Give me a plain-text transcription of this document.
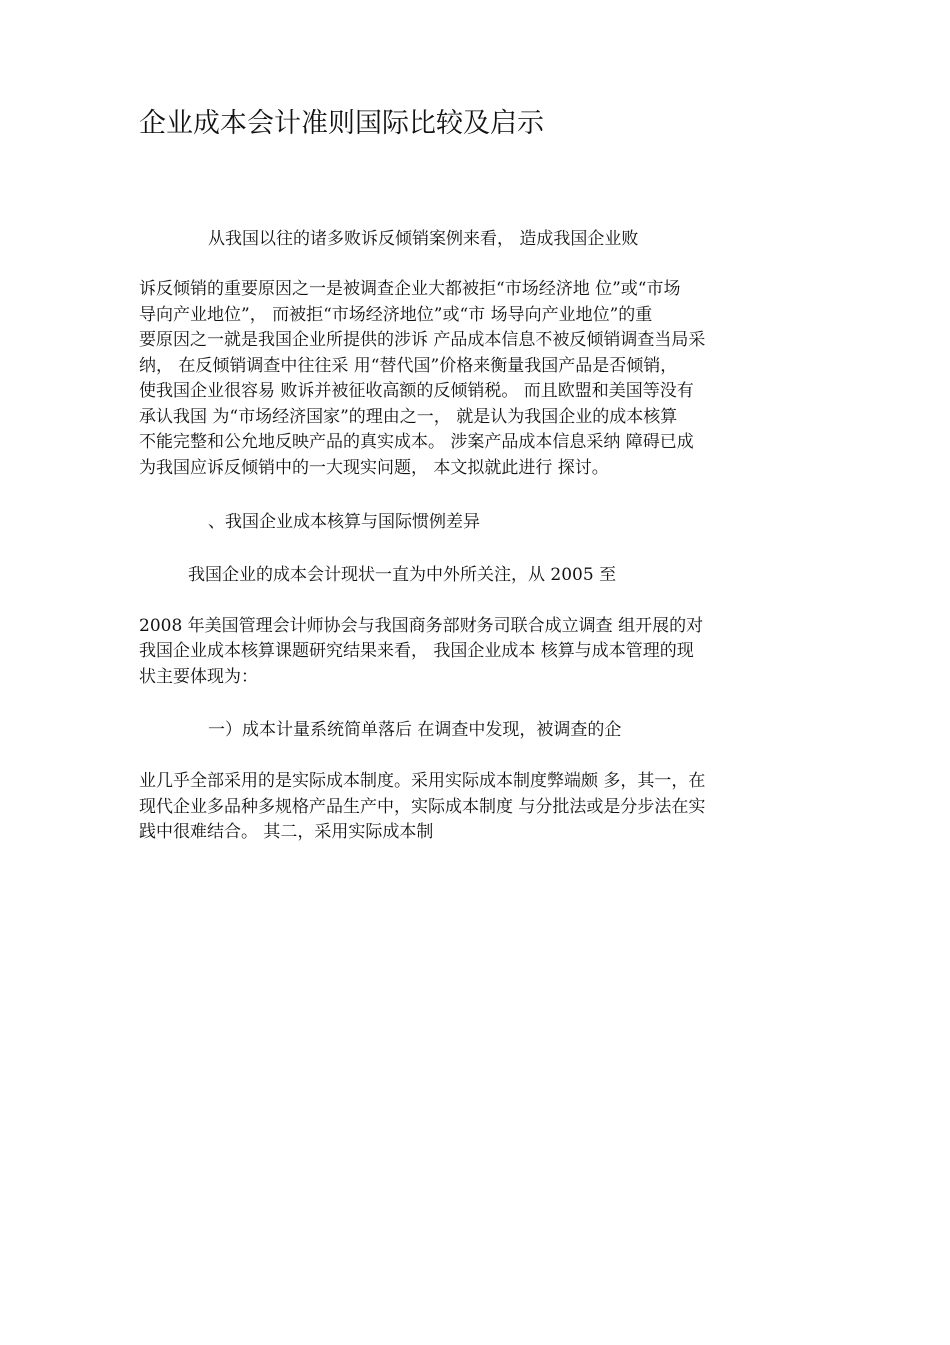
企业成本会计准则国际比较及启示
从我国以往的诸多败诉反倾销案例来看， 造成我国企业败
诉反倾销的重要原因之一是被调查企业大都被拒“市场经济地 位”或“市场
导向产业地位”， 而被拒“市场经济地位”或“市 场导向产业地位”的重
要原因之一就是我国企业所提供的涉诉 产品成本信息不被反倾销调查当局采
纳， 在反倾销调查中往往采 用“替代国”价格来衡量我国产品是否倾销，
使我国企业很容易 败诉并被征收高额的反倾销税。 而且欧盟和美国等没有
承认我国 为“市场经济国家”的理由之一， 就是认为我国企业的成本核算
不能完整和公允地反映产品的真实成本。 涉案产品成本信息采纳 障碍已成
为我国应诉反倾销中的一大现实问题， 本文拟就此进行 探讨。
、我国企业成本核算与国际惯例差异
我国企业的成本会计现状一直为中外所关注，从 2005 至
2008 年美国管理会计师协会与我国商务部财务司联合成立调查 组开展的对
我国企业成本核算课题研究结果来看， 我国企业成本 核算与成本管理的现
状主要体现为：
一）成本计量系统简单落后 在调查中发现，被调查的企
业几乎全部采用的是实际成本制度。采用实际成本制度弊端颇 多，其一，在
现代企业多品种多规格产品生产中，实际成本制度 与分批法或是分步法在实
践中很难结合。 其二，采用实际成本制
